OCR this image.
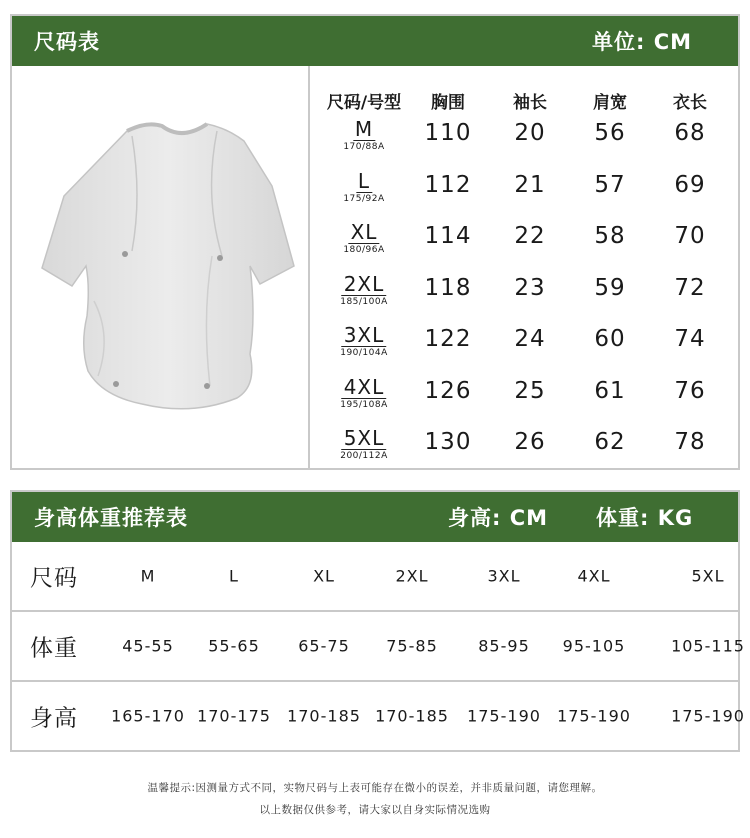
尺码表	单位: CM
尺码/号型 胸围	袖长	肩宽	衣长
M
170/88A
110 20 56 68
L
175/92A
112 21 57 69
XL
180/96A
114 22 58 70
2XL
185/100A
118 23 59 72
3XL
190/104A
122 24 60 74
4XL
195/108A
126 25 61 76
5XL
200/112A
130 26 62 78
身高体重推荐表	身高: CM 体重: KG
尺码	M	L	XL	2XL	3XL	4XL	5XL
体重	45-55 55-65 65-75 75-85	85-95 95-105	105-115
身高 165-170 170-175 170-185 170-185 175-190 175-190	175-190
温馨提示:因测量方式不同，实物尺码与上表可能存在微小的误差，并非质量问题，请您理解。
以上数据仅供参考，请大家以自身实际情况选购
